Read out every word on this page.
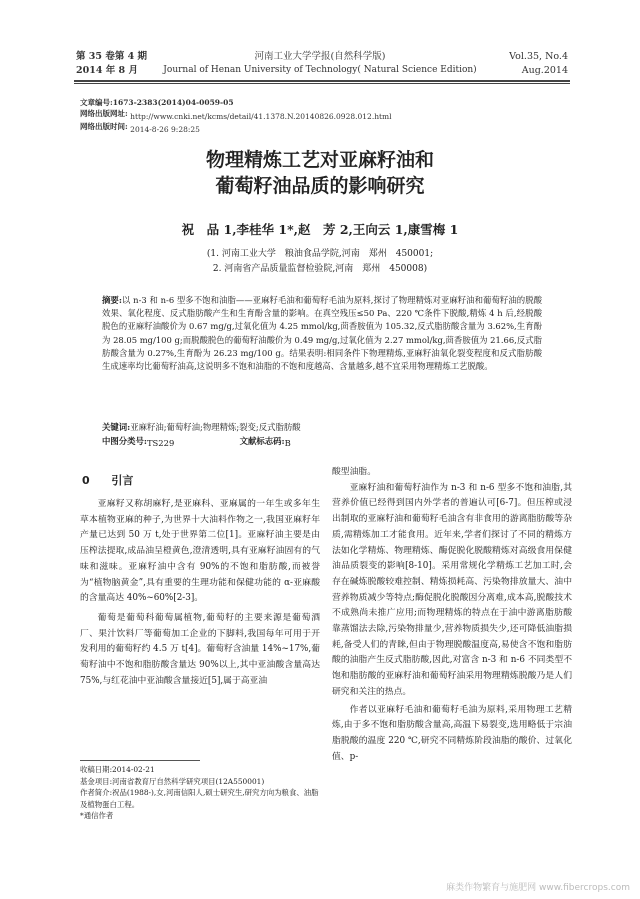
第 35 卷第 4 期
2014 年 8 月
河南工业大学学报(自然科学版)
Journal of Henan University of Technology( Natural Science Edition)
Vol.35, No.4
Aug.2014
文章编号:1673-2383(2014)04-0059-05
网络出版网址: http://www.cnki.net/kcms/detail/41.1378.N.20140826.0928.012.html
网络出版时间: 2014-8-26 9:28:25
物理精炼工艺对亚麻籽油和
葡萄籽油品质的影响研究
祝　品 1,李桂华 1*,赵　芳 2,王向云 1,康雪梅 1
(1. 河南工业大学　粮油食品学院,河南　郑州　450001;
2. 河南省产品质量监督检验院,河南　郑州　450008)
摘要:以 n-3 和 n-6 型多不饱和油脂——亚麻籽毛油和葡萄籽毛油为原料,探讨了物理精炼对亚麻籽油和葡萄籽油的脱酸效果、氧化程度、反式脂肪酸产生和生育酚含量的影响。在真空残压≤50 Pa、220 ℃条件下脱酸,精炼 4 h 后,经脱酸脱色的亚麻籽油酸价为 0.67 mg/g,过氧化值为 4.25 mmol/kg,茴香胺值为 105.32,反式脂肪酸含量为 3.62%,生育酚为 28.05 mg/100 g;而脱酸脱色的葡萄籽油酸价为 0.49 mg/g,过氧化值为 2.27 mmol/kg,茴香胺值为 21.66,反式脂肪酸含量为 0.27%,生育酚为 26.23 mg/100 g。结果表明:相同条件下物理精炼,亚麻籽油氧化裂变程度和反式脂肪酸生成速率均比葡萄籽油高,这说明多不饱和油脂的不饱和度越高、含量越多,越不宜采用物理精炼工艺脱酸。
关键词:亚麻籽油;葡萄籽油;物理精炼;裂变;反式脂肪酸
中图分类号:TS229	文献标志码:B
0 引言

亚麻籽又称胡麻籽,是亚麻科、亚麻属的一年生或多年生草本植物亚麻的种子,为世界十大油料作物之一,我国亚麻籽年产量已达到 50 万 t,处于世界第二位[1]。亚麻籽油主要是由压榨法提取,成品油呈橙黄色,澄清透明,具有亚麻籽油固有的气味和滋味。亚麻籽油中含有 90%的不饱和脂肪酸,而被誉为“植物脑黄金”,具有重要的生理功能和保健功能的 α-亚麻酸的含量高达 40%~60%[2-3]。

葡萄是葡萄科葡萄属植物,葡萄籽的主要来源是葡萄酒厂、果汁饮料厂等葡萄加工企业的下脚料,我国每年可用于开发利用的葡萄籽约 4.5 万 t[4]。葡萄籽含油量 14%~17%,葡萄籽油中不饱和脂肪酸含量达 90%以上,其中亚油酸含量高达 75%,与红花油中亚油酸含量接近[5],属于高亚油

酸型油脂。

亚麻籽油和葡萄籽油作为 n-3 和 n-6 型多不饱和油脂,其营养价值已经得到国内外学者的普遍认可[6-7]。但压榨或浸出制取的亚麻籽油和葡萄籽毛油含有非食用的游离脂肪酸等杂质,需精炼加工才能食用。近年来,学者们探讨了不同的精炼方法如化学精炼、物理精炼、酶促脱化脱酸精炼对高级食用保健油品质裂变的影响[8-10]。采用常规化学精炼工艺加工时,会存在碱炼脱酸较难控制、精炼损耗高、污染物排放量大、油中营养物质减少等特点;酶促脱化脱酸因分离难,成本高,脱酸技术不成熟尚未推广应用;而物理精炼的特点在于油中游离脂肪酸靠蒸馏法去除,污染物排量少,营养物质损失少,还可降低油脂损耗,备受人们的青睐,但由于物理脱酸温度高,易使含不饱和脂肪酸的油脂产生反式脂肪酸,因此,对富含 n-3 和 n-6 不同类型不饱和脂肪酸的亚麻籽油和葡萄籽油采用物理精炼脱酸乃是人们研究和关注的热点。

作者以亚麻籽毛油和葡萄籽毛油为原料,采用物理工艺精炼,由于多不饱和脂肪酸含量高,高温下易裂变,选用略低于宗油脂脱酸的温度 220 ℃,研究不同精炼阶段油脂的酸价、过氧化值、p-

收稿日期:2014-02-21
基金项目:河南省教育厅自然科学研究项目(12A550001)
作者简介:祝品(1988-),女,河南信阳人,硕士研究生,研究方向为粮食、油脂及植物蛋白工程。
*通信作者
麻类作物繁育与施肥网 www.fibercrops.com
